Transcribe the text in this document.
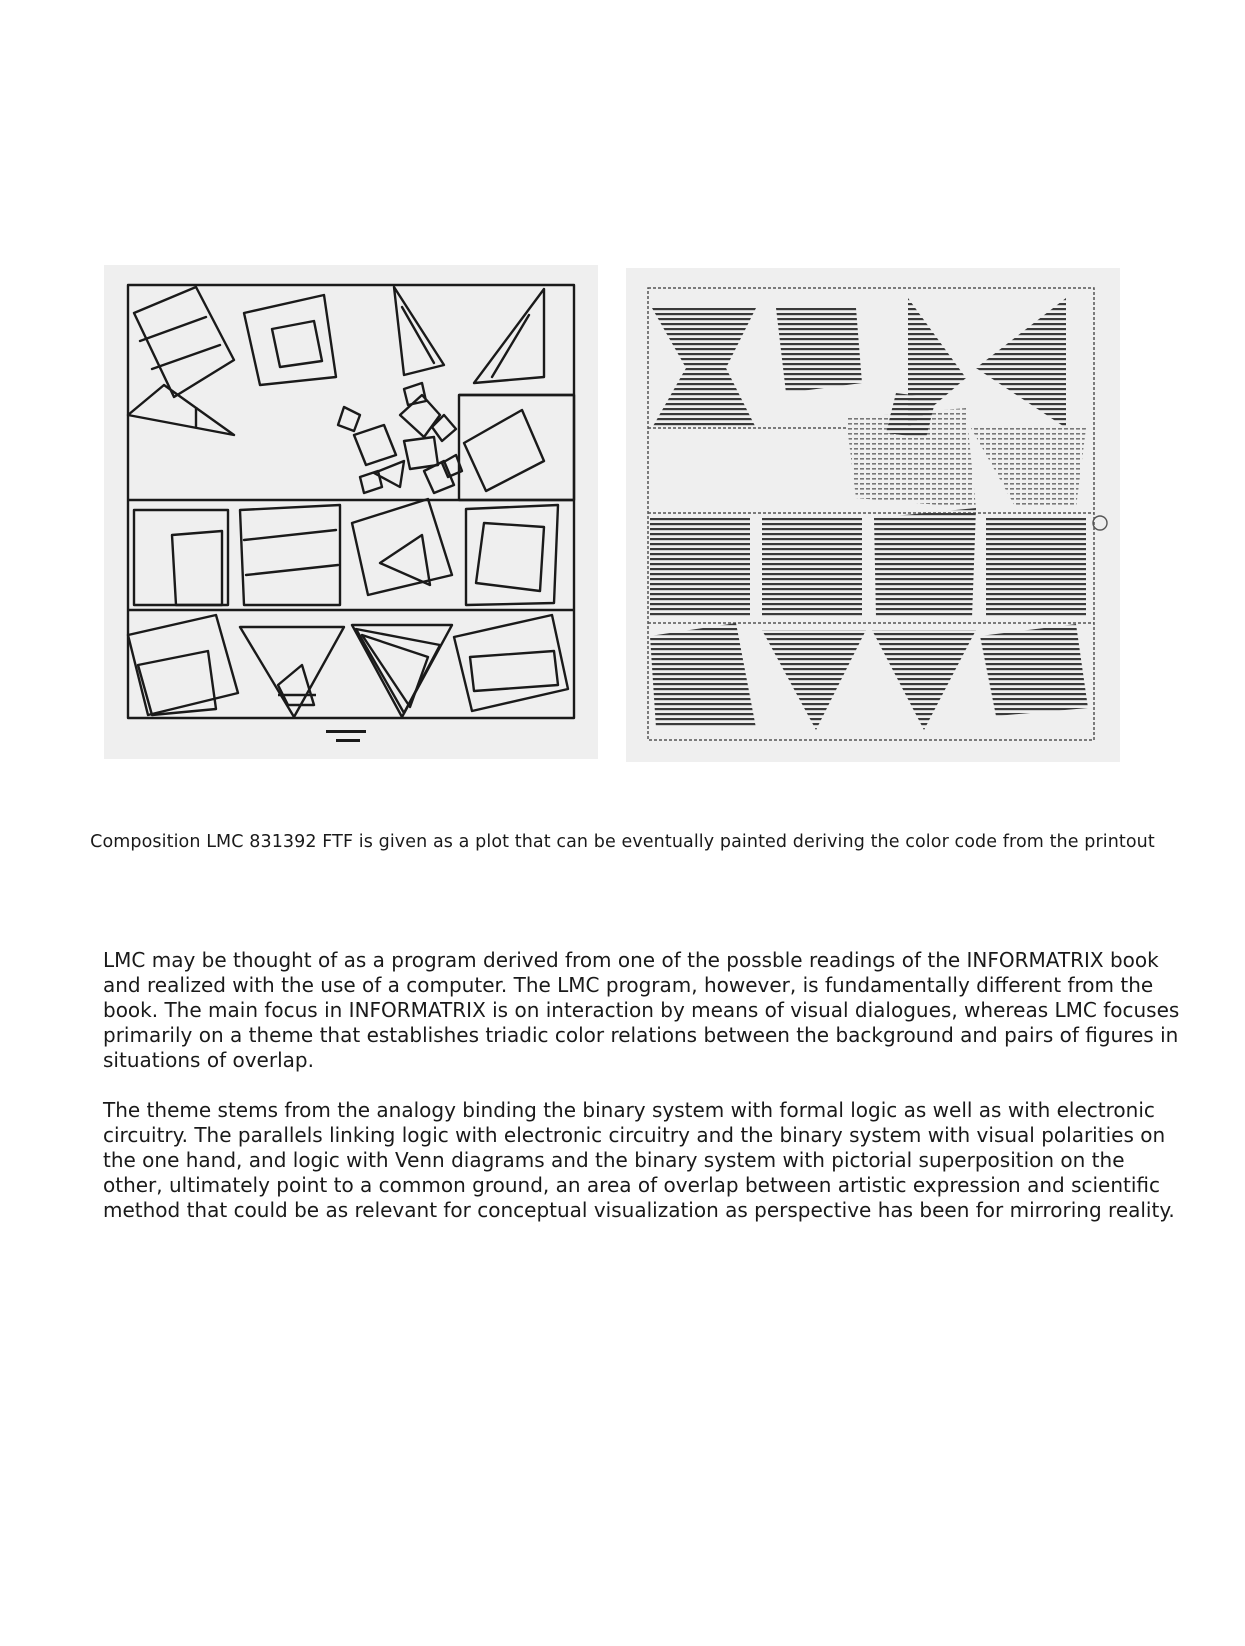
Composition LMC 831392 FTF is given as a plot that can be eventually painted deriving the color code from the printout

LMC may be thought of as a program derived from one of the possble readings of the INFORMATRIX book and realized with the use of a computer. The LMC program, however, is fundamentally different from the book. The main focus in INFORMATRIX is on interaction by means of visual dialogues, whereas LMC focuses primarily on a theme that establishes triadic color relations between the background and pairs of figures in situations of overlap.

The theme stems from the analogy binding the binary system with formal logic as well as with electronic circuitry. The parallels linking logic with electronic circuitry and the binary system with visual polarities on the one hand, and logic with Venn diagrams and the binary system with pictorial superposition on the other, ultimately point to a common ground, an area of overlap between artistic expression and scientific method that could be as relevant for conceptual visualization as perspective has been for mirroring reality.
